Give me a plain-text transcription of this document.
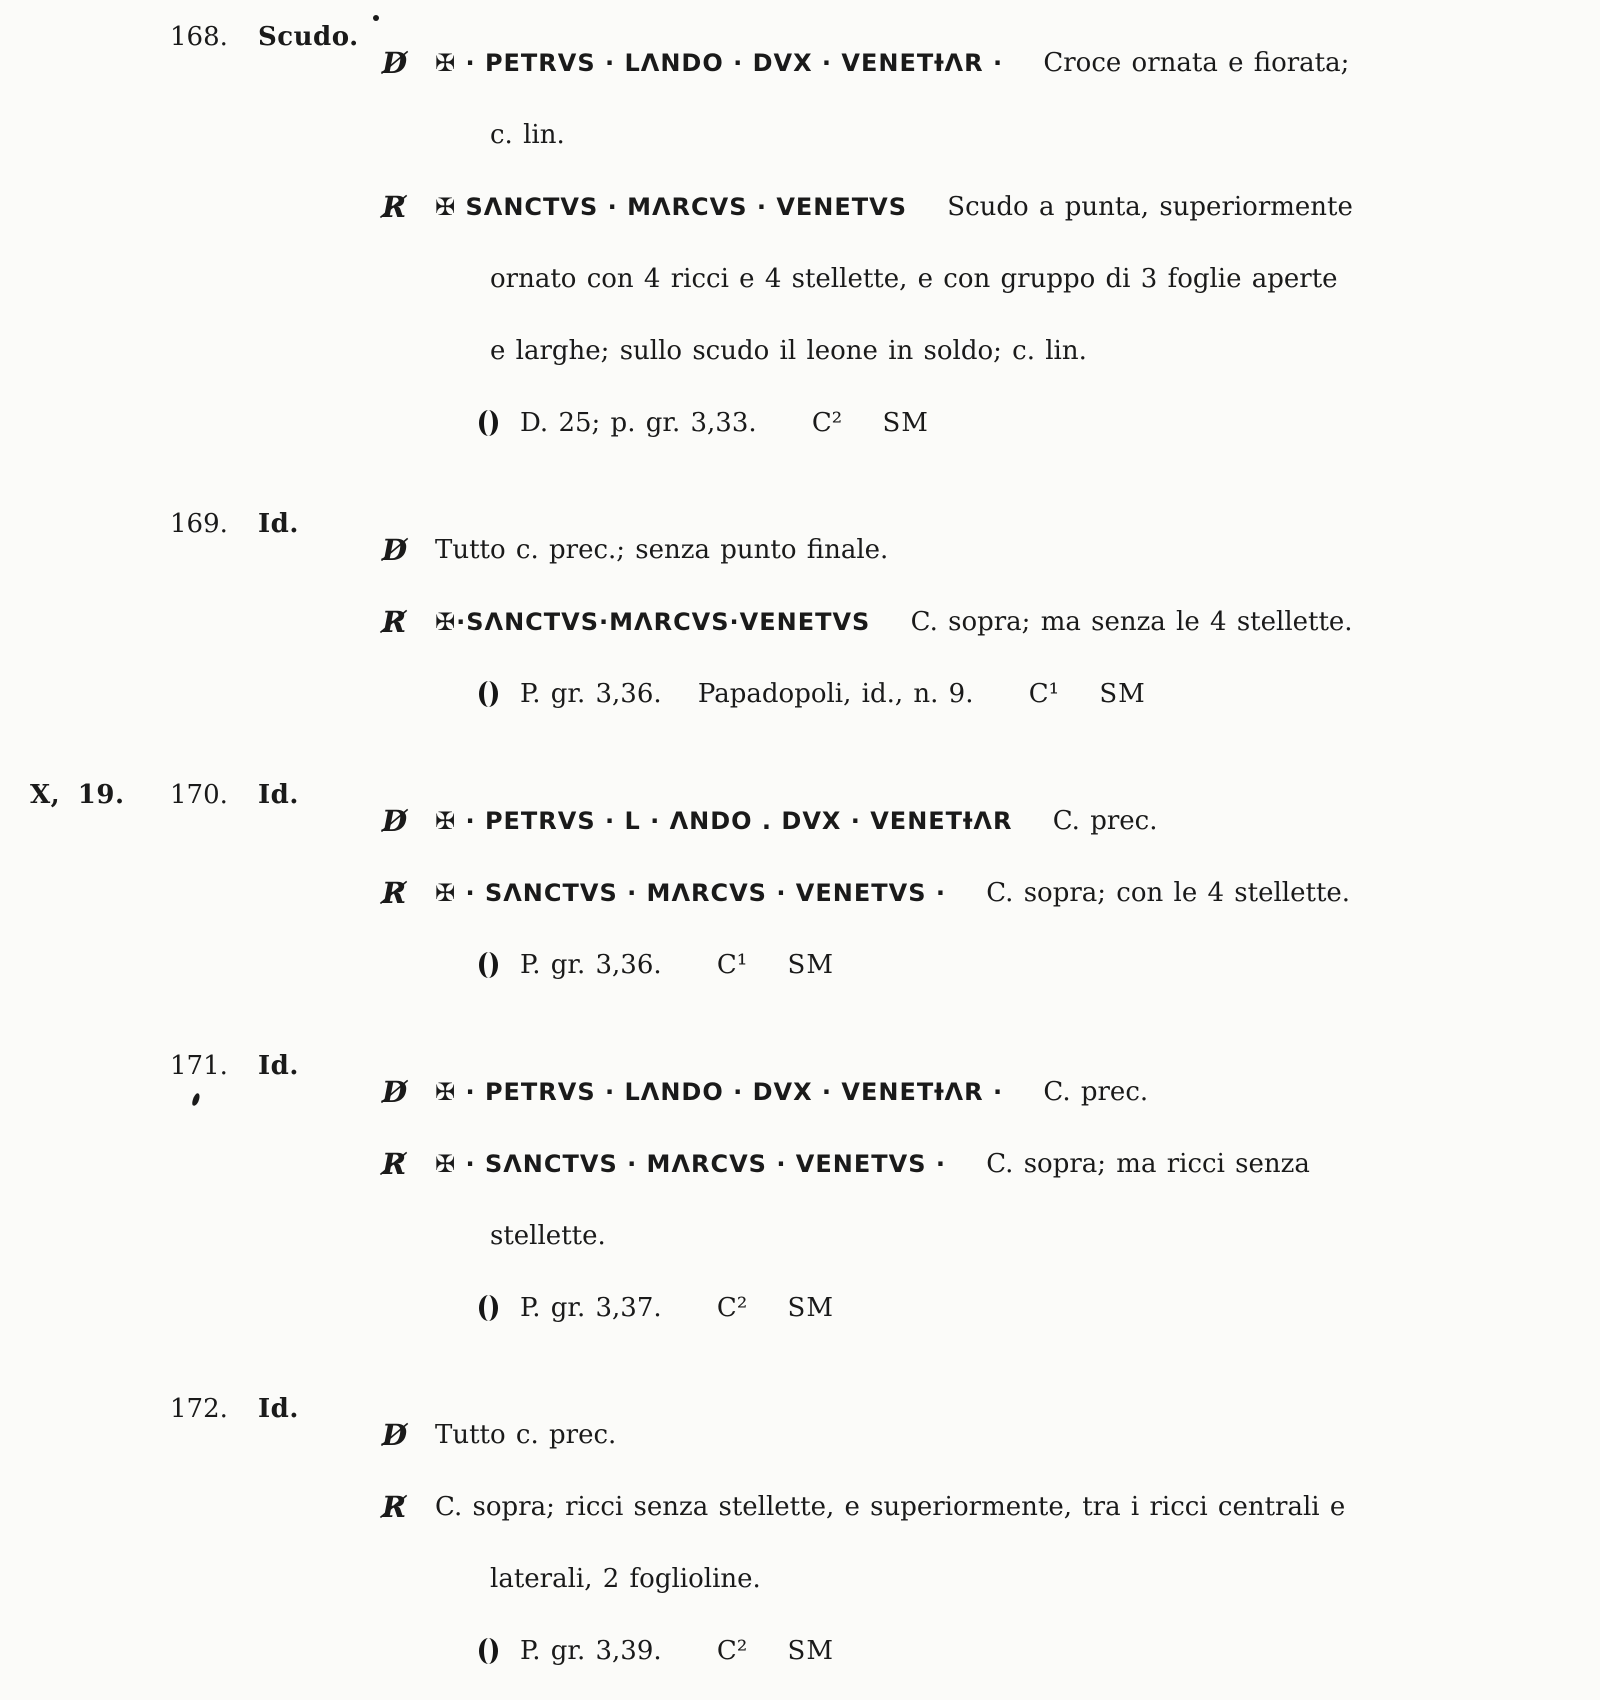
168.	Scudo.

D̸ ✠ · PETRVS · LΛNDO · DVX · VENETƗΛR · Croce ornata e fiorata;

c. lin.

R̸ ✠ SΛNCTVS · MΛRCVS · VENETVS Scudo a punta, superiormente

ornato con 4 ricci e 4 stellette, e con gruppo di 3 foglie aperte

e larghe; sullo scudo il leone in soldo; c. lin.

D. 25; p. gr. 3,33. C² SM

169.	Id.

D̸ Tutto c. prec.; senza punto finale.

R̸ ✠·SΛNCTVS·MΛRCVS·VENETVS C. sopra; ma senza le 4 stellette.

P. gr. 3,36. Papadopoli, id., n. 9. C¹ SM

X, 19.	170.	Id.

D̸ ✠ · PETRVS · L · ΛNDO . DVX · VENETƗΛR C. prec.

R̸ ✠ · SΛNCTVS · MΛRCVS · VENETVS · C. sopra; con le 4 stellette.

P. gr. 3,36. C¹ SM

171.	Id.

D̸ ✠ · PETRVS · LΛNDO · DVX · VENETƗΛR · C. prec.

R̸ ✠ · SΛNCTVS · MΛRCVS · VENETVS · C. sopra; ma ricci senza

stellette.

P. gr. 3,37. C² SM

172.	Id.

D̸ Tutto c. prec.

R̸ C. sopra; ricci senza stellette, e superiormente, tra i ricci centrali e

laterali, 2 foglioline.

P. gr. 3,39. C² SM
